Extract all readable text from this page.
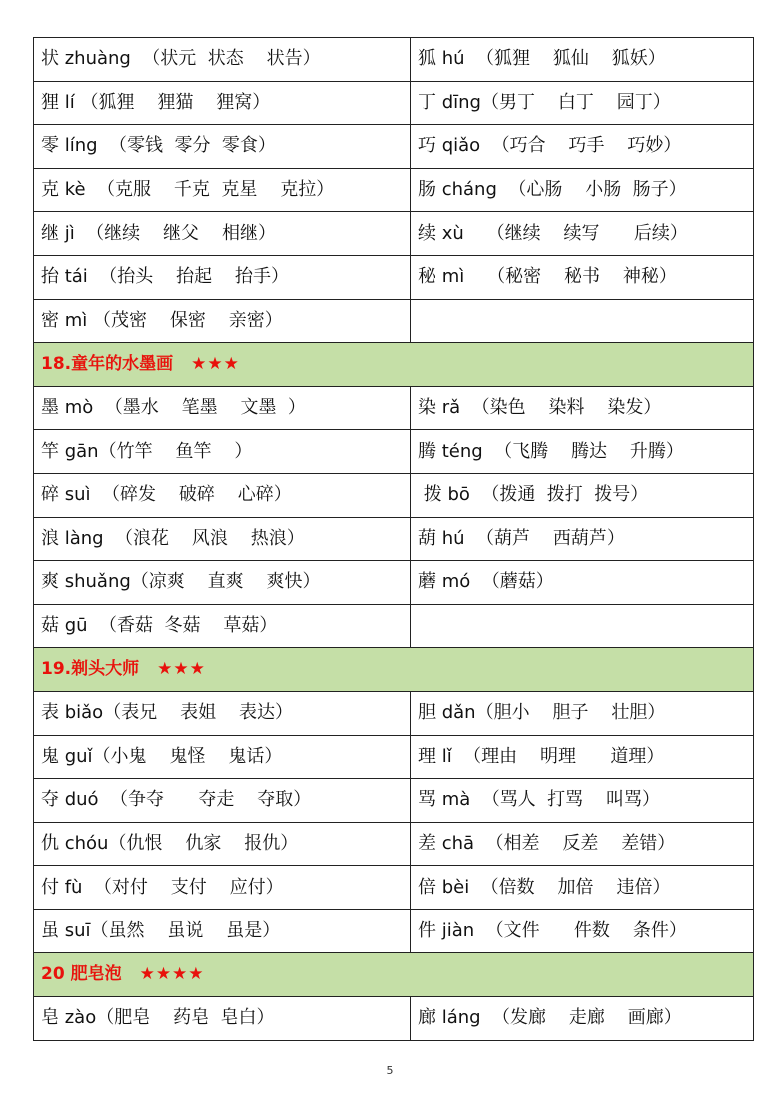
状 zhuàng  （状元  状态    状告）	狐 hú  （狐狸    狐仙    狐妖）
狸 lí （狐狸    狸猫    狸窝）	丁 dīng（男丁    白丁    园丁）
零 líng  （零钱  零分  零食）	巧 qiǎo  （巧合    巧手    巧妙）
克 kè  （克服    千克  克星    克拉）	肠 cháng  （心肠    小肠  肠子）
继 jì  （继续    继父    相继）	续 xù    （继续    续写      后续）
抬 tái  （抬头    抬起    抬手）	秘 mì    （秘密    秘书    神秘）
密 mì （茂密    保密    亲密）	
18.童年的水墨画 ★★★	
墨 mò  （墨水    笔墨    文墨  ）	染 rǎ  （染色    染料    染发）
竿 gān（竹竿    鱼竿    ）	腾 téng  （飞腾    腾达    升腾）
碎 suì  （碎发    破碎    心碎）	拨 bō  （拨通  拨打  拨号）
浪 làng  （浪花    风浪    热浪）	葫 hú  （葫芦    西葫芦）
爽 shuǎng（凉爽    直爽    爽快）	蘑 mó  （蘑菇）
菇 gū  （香菇  冬菇    草菇）	
19.剃头大师 ★★★	
表 biǎo（表兄    表姐    表达）	胆 dǎn（胆小    胆子    壮胆）
鬼 guǐ（小鬼    鬼怪    鬼话）	理 lǐ  （理由    明理      道理）
夺 duó  （争夺      夺走    夺取）	骂 mà  （骂人  打骂    叫骂）
仇 chóu（仇恨    仇家    报仇）	差 chā  （相差    反差    差错）
付 fù  （对付    支付    应付）	倍 bèi  （倍数    加倍    违倍）
虽 suī（虽然    虽说    虽是）	件 jiàn  （文件      件数    条件）
20 肥皂泡 ★★★★	
皂 zào（肥皂    药皂  皂白）	廊 láng  （发廊    走廊    画廊）
5
